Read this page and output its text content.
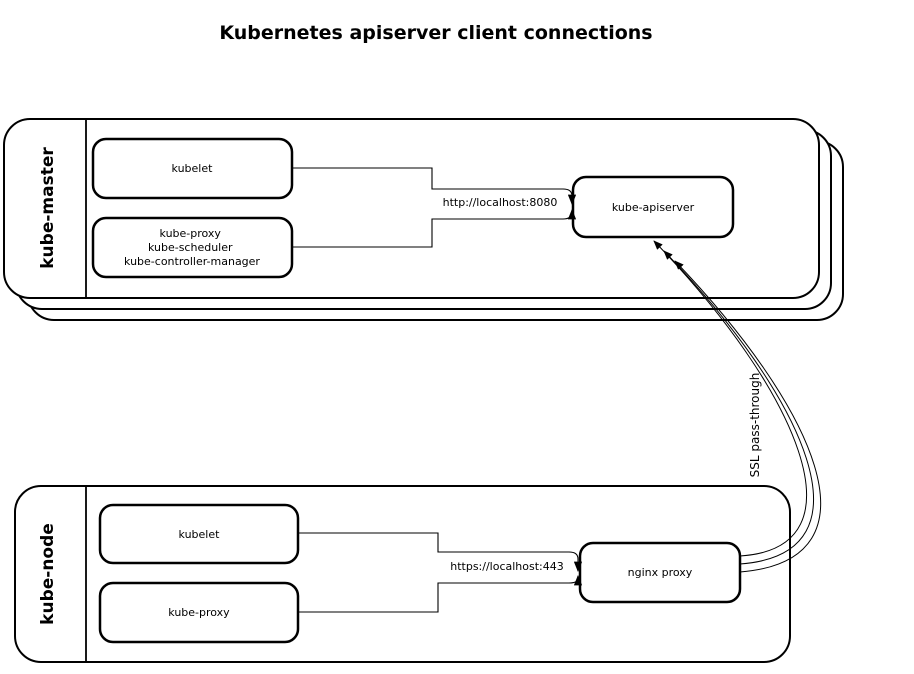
Kubernetes apiserver client connections
kube-master	kubelet
kube-proxy kube-scheduler kube-controller-manager
kube-apiserver
http://localhost:8080
kube-node	kubelet
kube-proxy
nginx proxy
https://localhost:443
SSL pass-through
